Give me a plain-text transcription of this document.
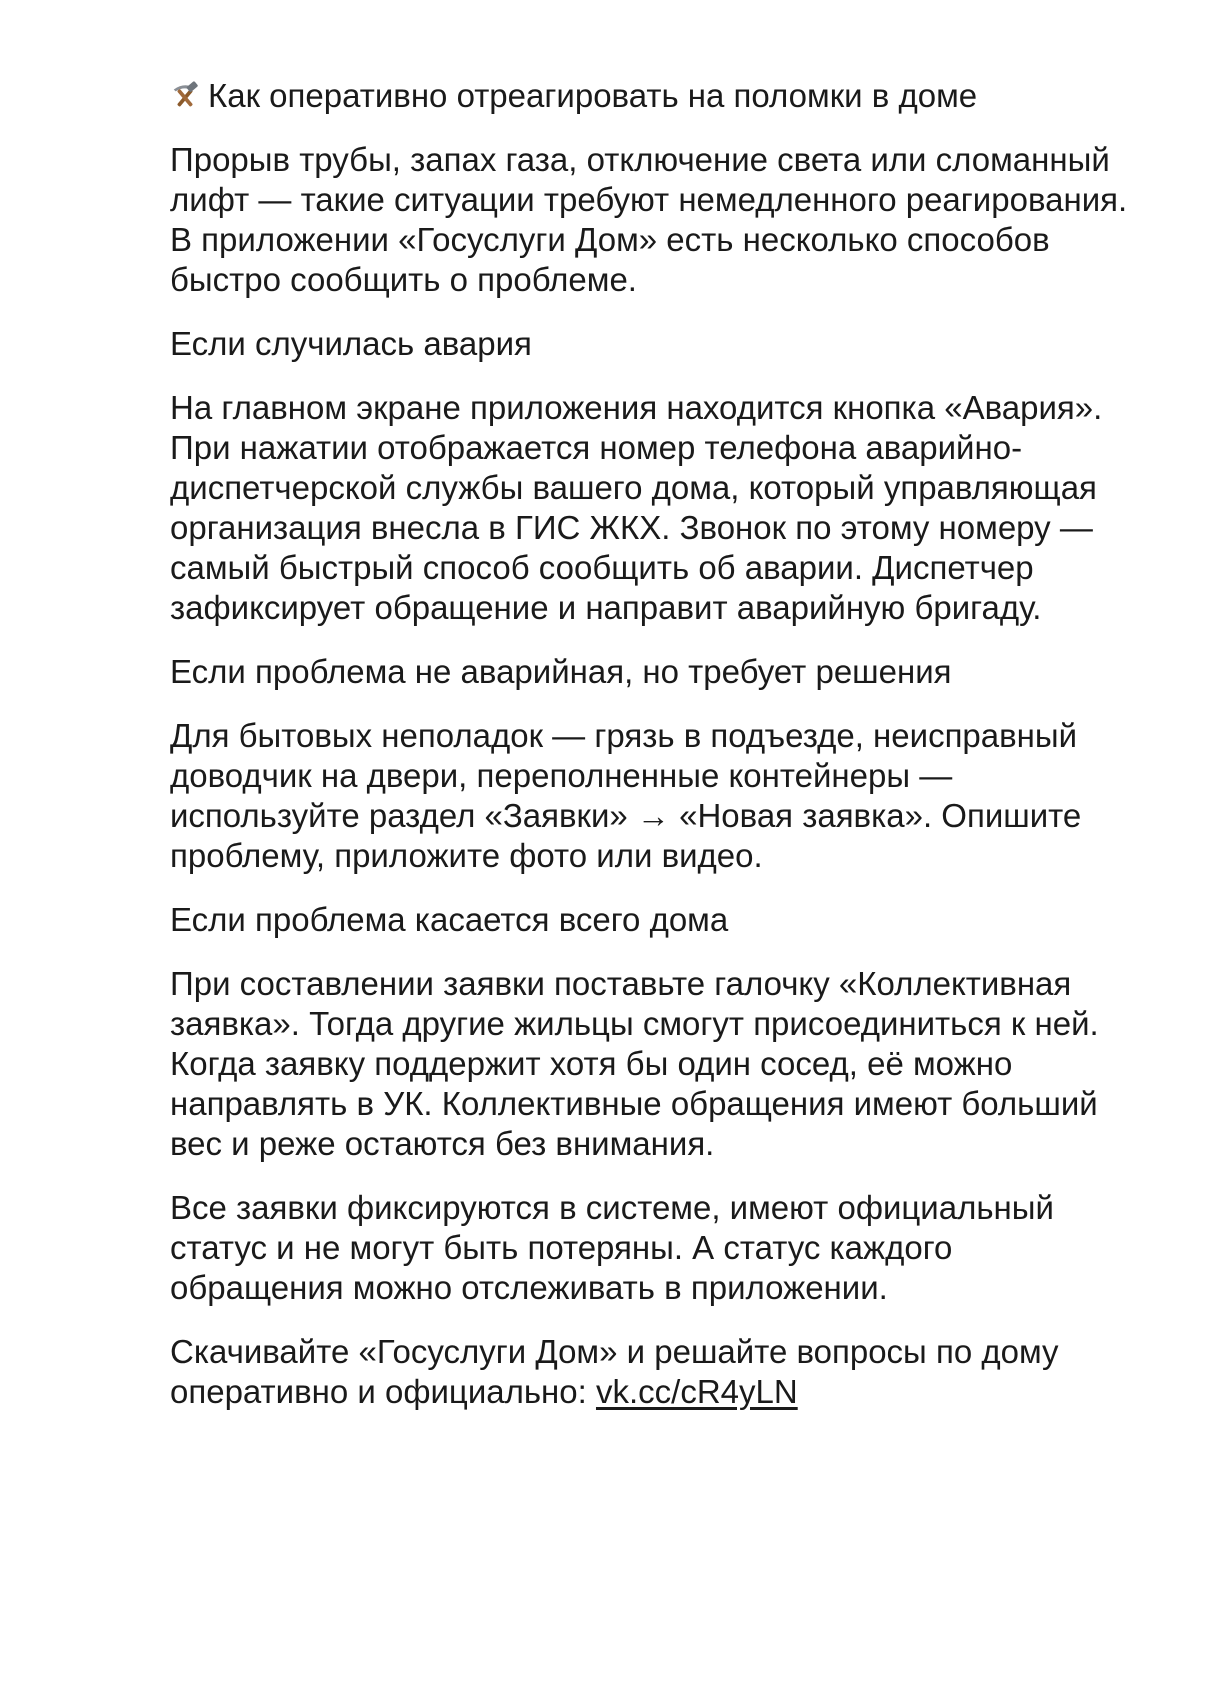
Как оперативно отреагировать на поломки в доме

Прорыв трубы, запах газа, отключение света или сломанный лифт — такие ситуации требуют немедленного реагирования. В приложении «Госуслуги Дом» есть несколько способов быстро сообщить о проблеме.

Если случилась авария

На главном экране приложения находится кнопка «Авария». При нажатии отображается номер телефона аварийно-диспетчерской службы вашего дома, который управляющая организация внесла в ГИС ЖКХ. Звонок по этому номеру — самый быстрый способ сообщить об аварии. Диспетчер зафиксирует обращение и направит аварийную бригаду.

Если проблема не аварийная, но требует решения

Для бытовых неполадок — грязь в подъезде, неисправный доводчик на двери, переполненные контейнеры — используйте раздел «Заявки» → «Новая заявка». Опишите проблему, приложите фото или видео.

Если проблема касается всего дома

При составлении заявки поставьте галочку «Коллективная заявка». Тогда другие жильцы смогут присоединиться к ней. Когда заявку поддержит хотя бы один сосед, её можно направлять в УК. Коллективные обращения имеют больший вес и реже остаются без внимания.

Все заявки фиксируются в системе, имеют официальный статус и не могут быть потеряны. А статус каждого обращения можно отслеживать в приложении.

Скачивайте «Госуслуги Дом» и решайте вопросы по дому оперативно и официально: vk.cc/cR4yLN
